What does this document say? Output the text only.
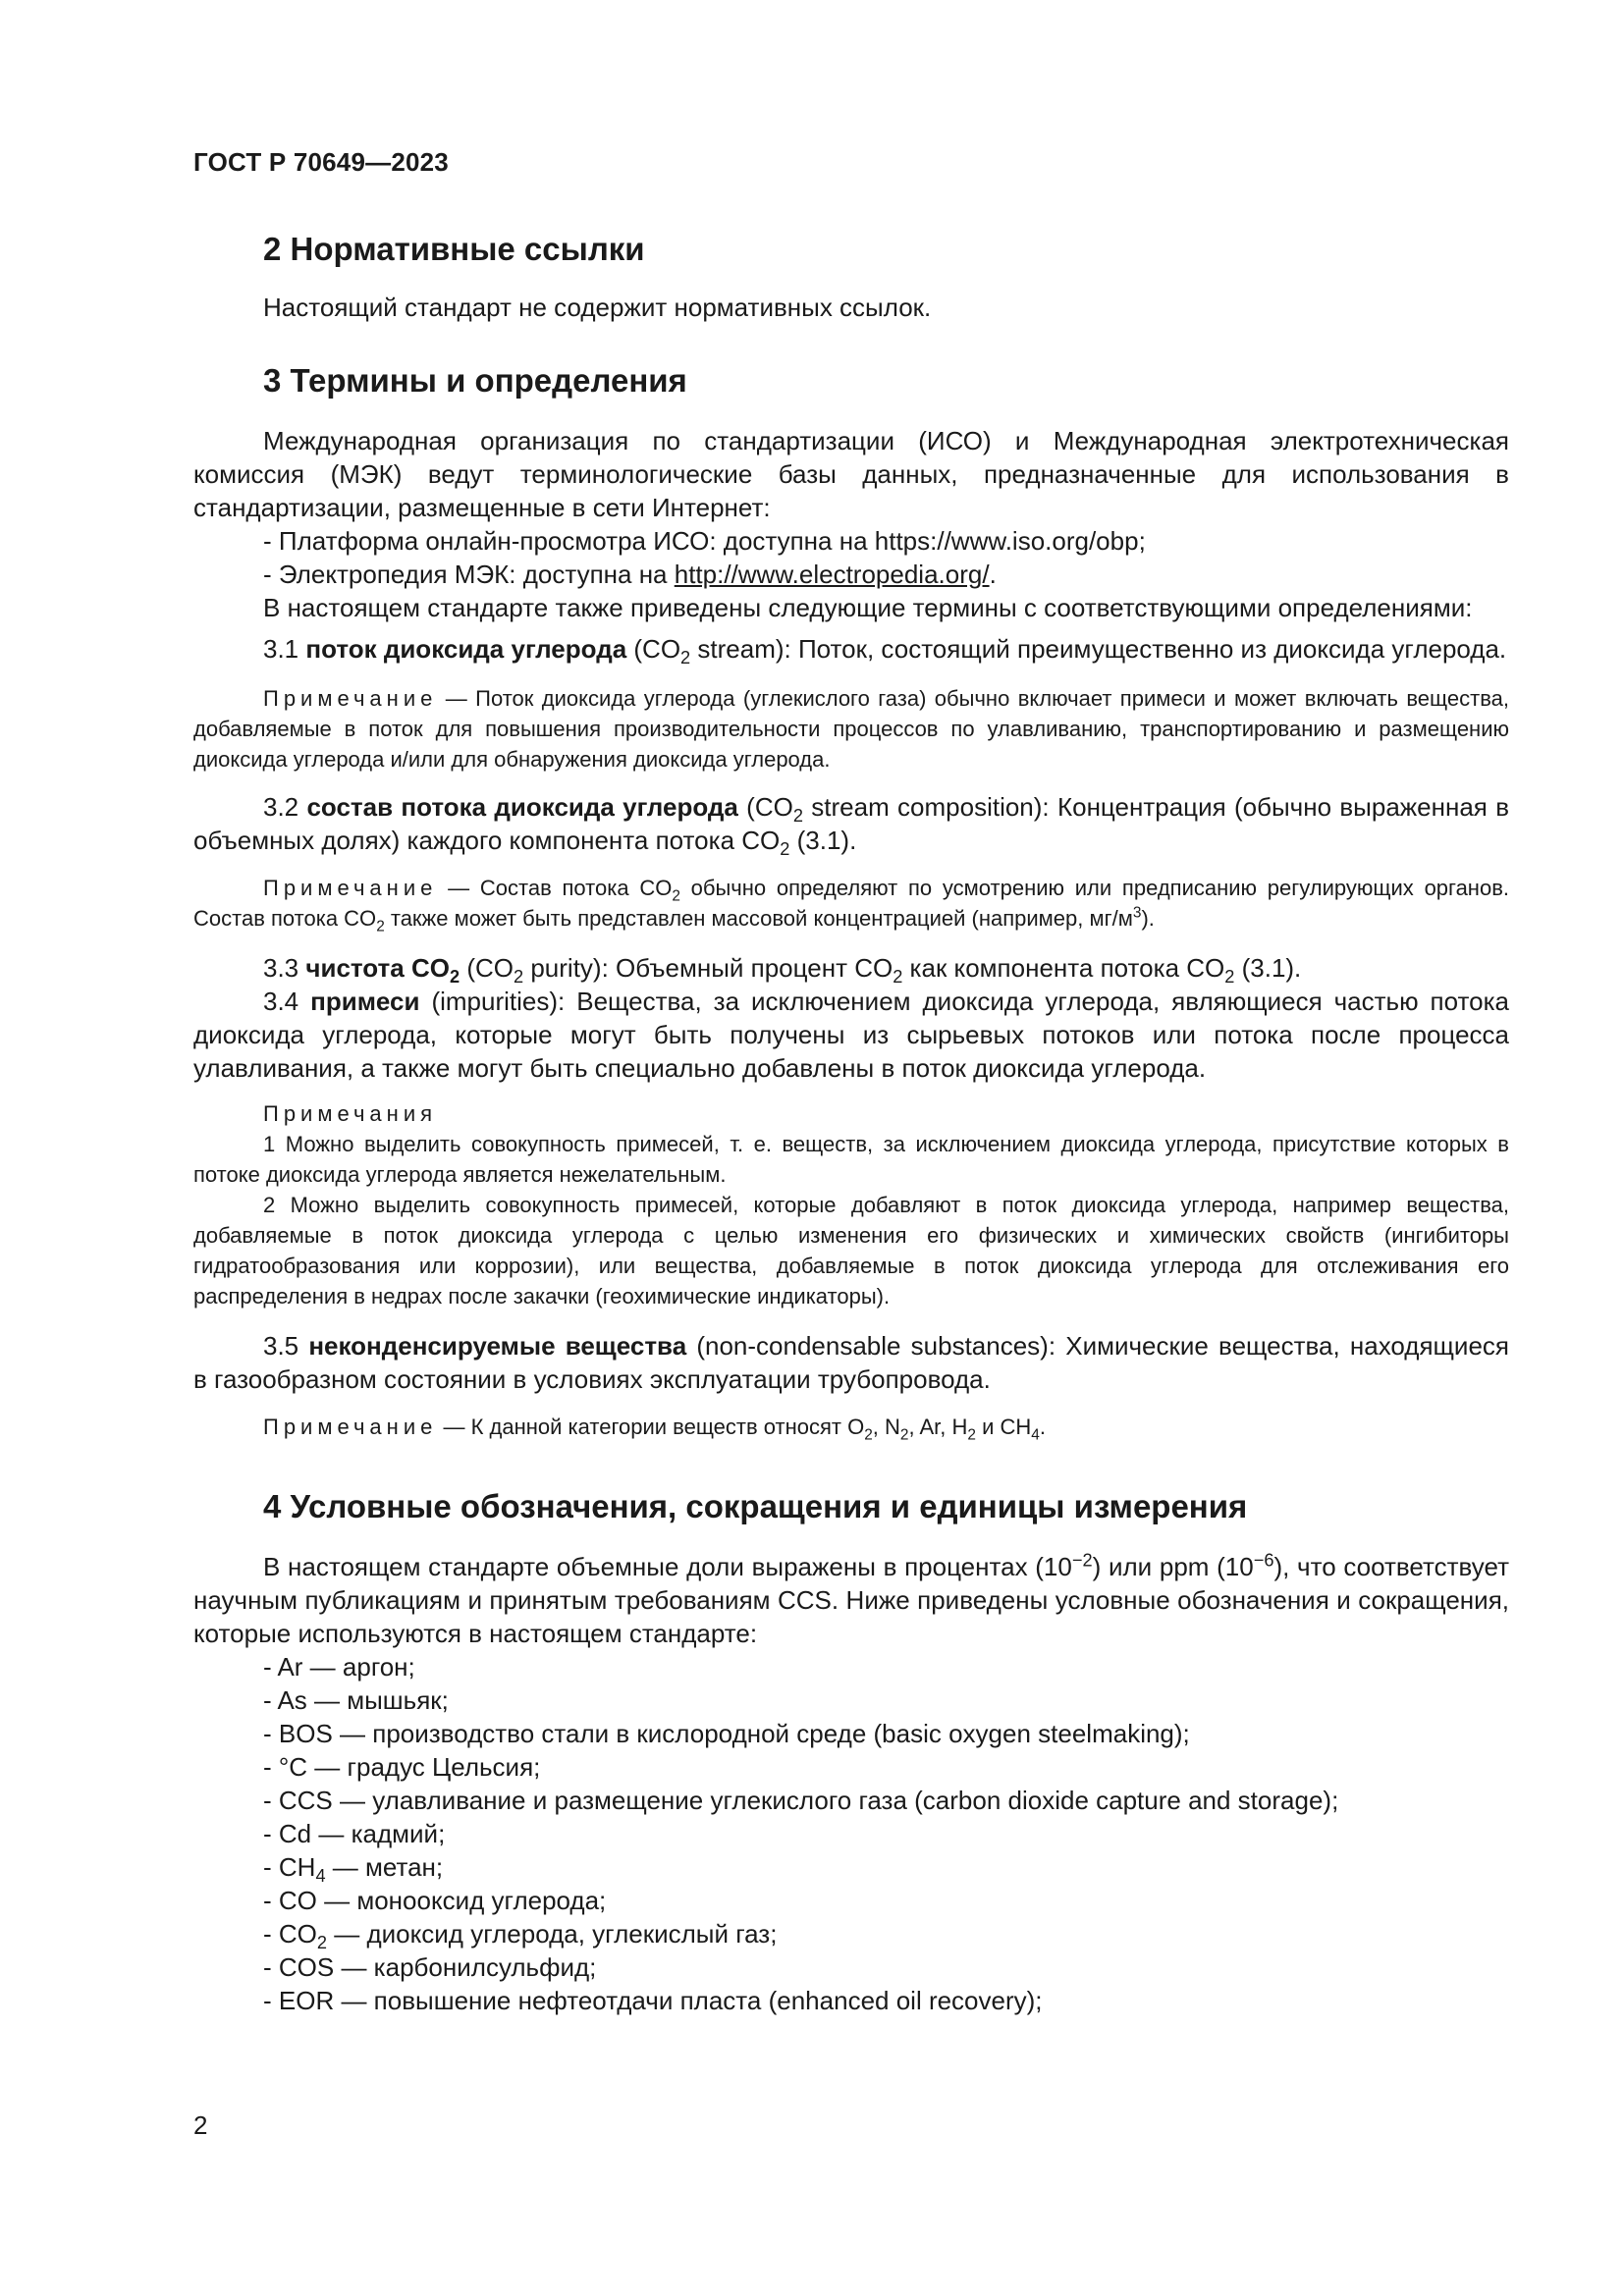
ГОСТ Р 70649—2023
2 Нормативные ссылки

Настоящий стандарт не содержит нормативных ссылок.

3 Термины и определения

Международная организация по стандартизации (ИСО) и Международная электротехническая комиссия (МЭК) ведут терминологические базы данных, предназначенные для использования в стандартизации, размещенные в сети Интернет:

- Платформа онлайн-просмотра ИСО: доступна на https://www.iso.org/obp;

- Электропедия МЭК: доступна на http://www.electropedia.org/.

В настоящем стандарте также приведены следующие термины с соответствующими определениями:

3.1 поток диоксида углерода ($CO_2$ stream): Поток, состоящий преимущественно из диоксида углерода.

Примечание — Поток диоксида углерода (углекислого газа) обычно включает примеси и может включать вещества, добавляемые в поток для повышения производительности процессов по улавливанию, транспортированию и размещению диоксида углерода и/или для обнаружения диоксида углерода.

3.2 состав потока диоксида углерода ($CO_2$ stream composition): Концентрация (обычно выраженная в объемных долях) каждого компонента потока $CO_2$ (3.1).

Примечание — Состав потока $CO_2$ обычно определяют по усмотрению или предписанию регулирующих органов. Состав потока $CO_2$ также может быть представлен массовой концентрацией (например, $мг/м^3$).

3.3 чистота $CO_2$ ($CO_2$ purity): Объемный процент $CO_2$ как компонента потока $CO_2$ (3.1).

3.4 примеси (impurities): Вещества, за исключением диоксида углерода, являющиеся частью потока диоксида углерода, которые могут быть получены из сырьевых потоков или потока после процесса улавливания, а также могут быть специально добавлены в поток диоксида углерода.

Примечания

1 Можно выделить совокупность примесей, т. е. веществ, за исключением диоксида углерода, присутствие которых в потоке диоксида углерода является нежелательным.

2 Можно выделить совокупность примесей, которые добавляют в поток диоксида углерода, например вещества, добавляемые в поток диоксида углерода с целью изменения его физических и химических свойств (ингибиторы гидратообразования или коррозии), или вещества, добавляемые в поток диоксида углерода для отслеживания его распределения в недрах после закачки (геохимические индикаторы).

3.5 неконденсируемые вещества (non-condensable substances): Химические вещества, находящиеся в газообразном состоянии в условиях эксплуатации трубопровода.

Примечание — К данной категории веществ относят $O_2$, $N_2$, Ar, $H_2$ и $CH_4$.

4 Условные обозначения, сокращения и единицы измерения

В настоящем стандарте объемные доли выражены в процентах $(10^{-2})$ или ppm $(10^{-6})$, что соответствует научным публикациям и принятым требованиям CCS. Ниже приведены условные обозначения и сокращения, которые используются в настоящем стандарте:

- Ar — аргон;

- As — мышьяк;

- BOS — производство стали в кислородной среде (basic oxygen steelmaking);

- °C — градус Цельсия;

- CCS — улавливание и размещение углекислого газа (carbon dioxide capture and storage);

- Cd — кадмий;

- $CH_4$ — метан;

- CO — монооксид углерода;

- $CO_2$ — диоксид углерода, углекислый газ;

- COS — карбонилсульфид;

- EOR — повышение нефтеотдачи пласта (enhanced oil recovery);

2
